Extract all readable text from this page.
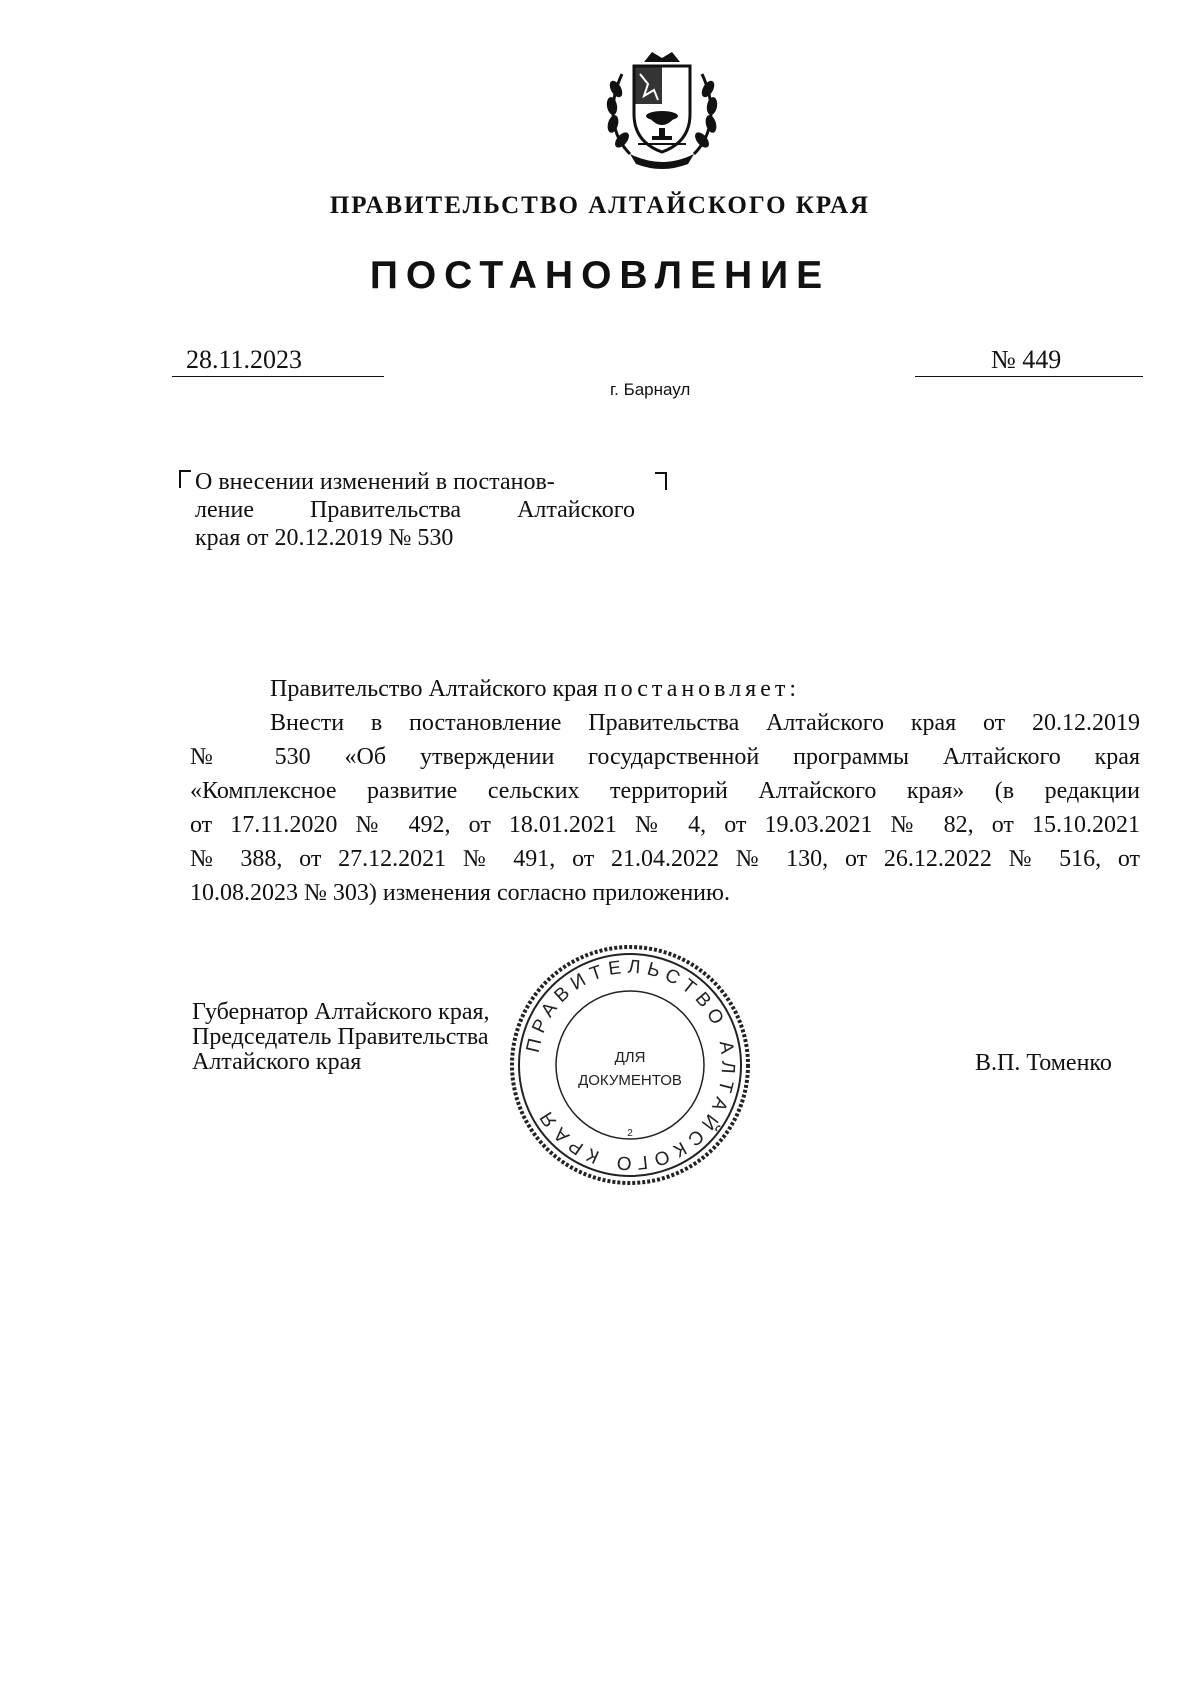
ПРАВИТЕЛЬСТВО АЛТАЙСКОГО КРАЯ
ПОСТАНОВЛЕНИЕ
28.11.2023	№ 449
г. Барнаул
О внесении изменений в постанов-
ление Правительства Алтайского
края от 20.12.2019 № 530

Правительство Алтайского края постановляет:

Внести в постановление Правительства Алтайского края от 20.12.2019

№ 530 «Об утверждении государственной программы Алтайского края

«Комплексное развитие сельских территорий Алтайского края» (в редакции

от 17.11.2020 № 492, от 18.01.2021 № 4, от 19.03.2021 № 82, от 15.10.2021

№ 388, от 27.12.2021 № 491, от 21.04.2022 № 130, от 26.12.2022 № 516, от

10.08.2023 № 303) изменения согласно приложению.

Губернатор Алтайского края,
Председатель Правительства
Алтайского края	В.П. Томенко
ПРАВИТЕЛЬСТВО АЛТАЙСКОГО КРАЯ
ДЛЯ
ДОКУМЕНТОВ
2
